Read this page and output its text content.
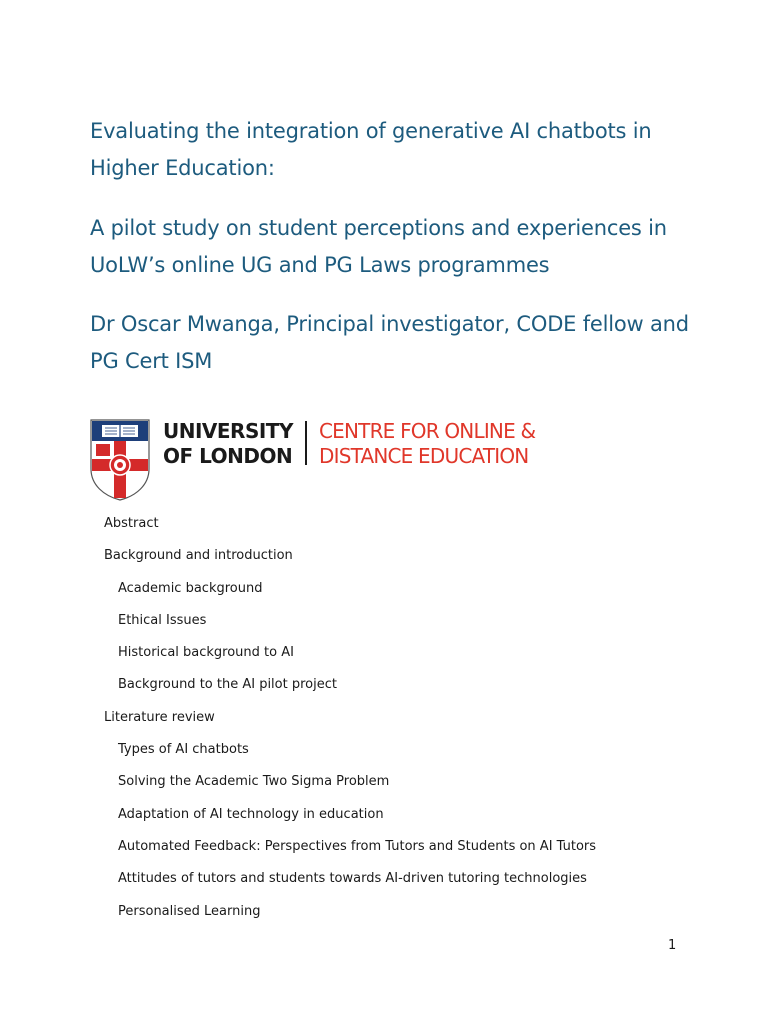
Evaluating the integration of generative AI chatbots in Higher Education:
A pilot study on student perceptions and experiences in UoLW’s online UG and PG Laws programmes
Dr Oscar Mwanga, Principal investigator, CODE fellow and PG Cert ISM
UNIVERSITY
OF LONDON
CENTRE FOR ONLINE &
DISTANCE EDUCATION
Abstract
Background and introduction
Academic background
Ethical Issues
Historical background to AI
Background to the AI pilot project
Literature review
Types of AI chatbots
Solving the Academic Two Sigma Problem
Adaptation of AI technology in education
Automated Feedback: Perspectives from Tutors and Students on AI Tutors
Attitudes of tutors and students towards AI-driven tutoring technologies
Personalised Learning
1
